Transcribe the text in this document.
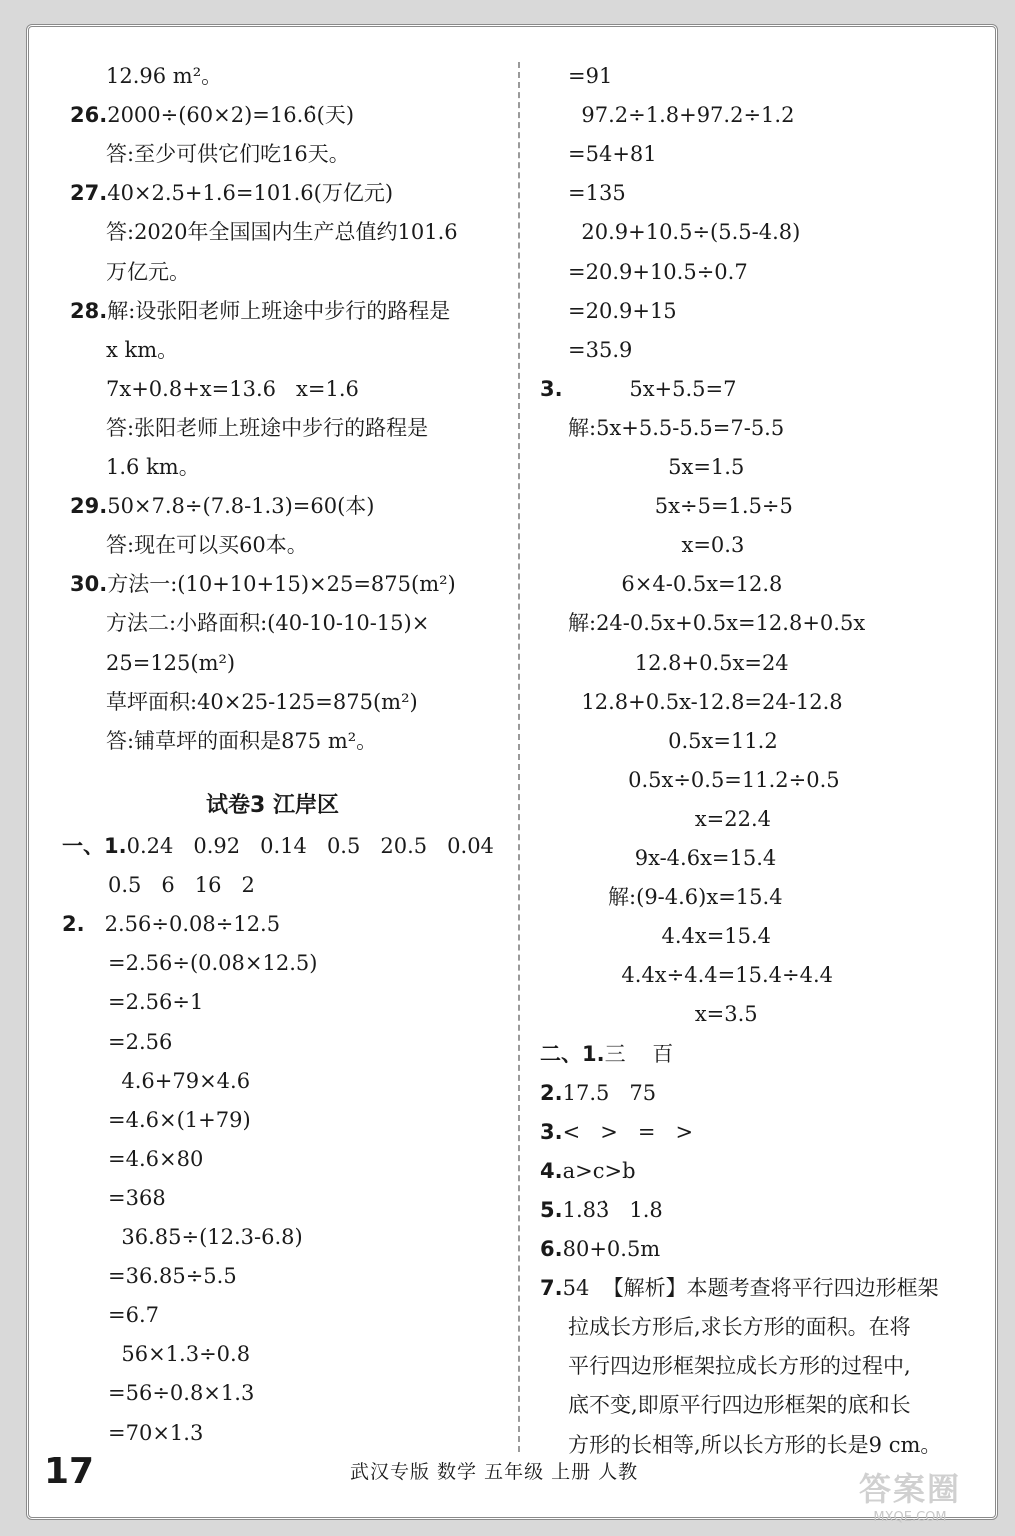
12.96 m²。
26.2000÷(60×2)=16.6̇(天)
答:至少可供它们吃16天。
27.40×2.5+1.6=101.6(万亿元)
答:2020年全国国内生产总值约101.6
万亿元。
28.解:设张阳老师上班途中步行的路程是
x km。
7x+0.8+x=13.6   x=1.6
答:张阳老师上班途中步行的路程是
1.6 km。
29.50×7.8÷(7.8-1.3)=60(本)
答:现在可以买60本。
30.方法一:(10+10+15)×25=875(m²)
方法二:小路面积:(40-10-10-15)×
25=125(m²)
草坪面积:40×25-125=875(m²)
答:铺草坪的面积是875 m²。
试卷3 江岸区
一、1.0.24   0.92   0.14   0.5   20.5   0.04
0.5   6   16   2
2.   2.56÷0.08÷12.5
=2.56÷(0.08×12.5)
=2.56÷1
=2.56
4.6+79×4.6
=4.6×(1+79)
=4.6×80
=368
36.85÷(12.3-6.8)
=36.85÷5.5
=6.7
56×1.3÷0.8
=56÷0.8×1.3
=70×1.3
=91
97.2÷1.8+97.2÷1.2
=54+81
=135
20.9+10.5÷(5.5-4.8)
=20.9+10.5÷0.7
=20.9+15
=35.9
3.          5x+5.5=7
解:5x+5.5-5.5=7-5.5
5x=1.5
5x÷5=1.5÷5
x=0.3
6×4-0.5x=12.8
解:24-0.5x+0.5x=12.8+0.5x
12.8+0.5x=24
12.8+0.5x-12.8=24-12.8
0.5x=11.2
0.5x÷0.5=11.2÷0.5
x=22.4
9x-4.6x=15.4
解:(9-4.6)x=15.4
4.4x=15.4
4.4x÷4.4=15.4÷4.4
x=3.5
二、1.三    百
2.17.5   75
3.<   >   =   >
4.a>c>b
5.1.83̇   1.8
6.80+0.5m
7.54  【解析】本题考查将平行四边形框架
拉成长方形后,求长方形的面积。在将
平行四边形框架拉成长方形的过程中,
底不变,即原平行四边形框架的底和长
方形的长相等,所以长方形的长是9 cm。
17	武汉专版 数学 五年级 上册 人教	答案圈
MXQE.COM
